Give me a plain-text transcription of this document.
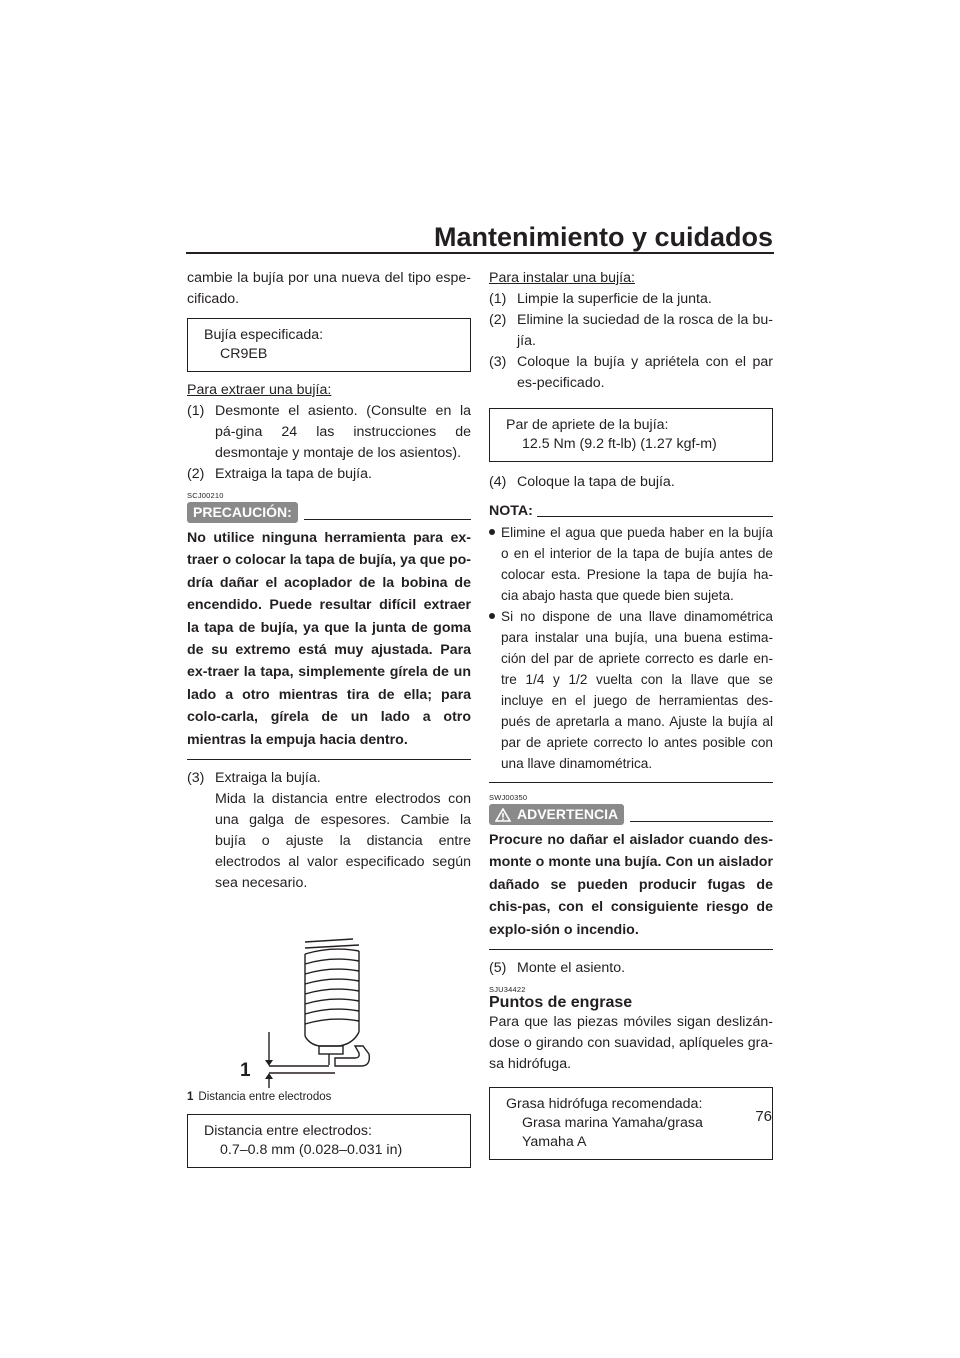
Mantenimiento y cuidados

cambie la bujía por una nueva del tipo espe-cificado.

Bujía especificada:
CR9EB

Para extraer una bujía:

(1) Desmonte el asiento. (Consulte en la pá-gina 24 las instrucciones de desmontaje y montaje de los asientos).
(2) Extraiga la tapa de bujía.
SCJ00210
PRECAUCIÓN:

No utilice ninguna herramienta para ex-traer o colocar la tapa de bujía, ya que po-dría dañar el acoplador de la bobina de encendido. Puede resultar difícil extraer la tapa de bujía, ya que la junta de goma de su extremo está muy ajustada. Para ex-traer la tapa, simplemente gírela de un lado a otro mientras tira de ella; para colo-carla, gírela de un lado a otro mientras la empuja hacia dentro.

(3) Extraiga la bujía.
Mida la distancia entre electrodos con una galga de espesores. Cambie la bujía o ajuste la distancia entre electrodos al valor especificado según sea necesario.
1
1 Distancia entre electrodos
Distancia entre electrodos:
0.7–0.8 mm (0.028–0.031 in)

Para instalar una bujía:

(1) Limpie la superficie de la junta.
(2) Elimine la suciedad de la rosca de la bu-jía.
(3) Coloque la bujía y apriétela con el par es-pecificado.
Par de apriete de la bujía:
12.5 Nm (9.2 ft-lb) (1.27 kgf-m)
(4) Coloque la tapa de bujía.
NOTA:
Elimine el agua que pueda haber en la bujía o en el interior de la tapa de bujía antes de colocar esta. Presione la tapa de bujía ha-cia abajo hasta que quede bien sujeta.
Si no dispone de una llave dinamométrica para instalar una bujía, una buena estima-ción del par de apriete correcto es darle en-tre 1/4 y 1/2 vuelta con la llave que se incluye en el juego de herramientas des-pués de apretarla a mano. Ajuste la bujía al par de apriete correcto lo antes posible con una llave dinamométrica.
SWJ00350
ADVERTENCIA

Procure no dañar el aislador cuando des-monte o monte una bujía. Con un aislador dañado se pueden producir fugas de chis-pas, con el consiguiente riesgo de explo-sión o incendio.

(5) Monte el asiento.
SJU34422
Puntos de engrase

Para que las piezas móviles sigan deslizán-dose o girando con suavidad, aplíqueles gra-sa hidrófuga.

Grasa hidrófuga recomendada:
Grasa marina Yamaha/grasa Yamaha A
76
